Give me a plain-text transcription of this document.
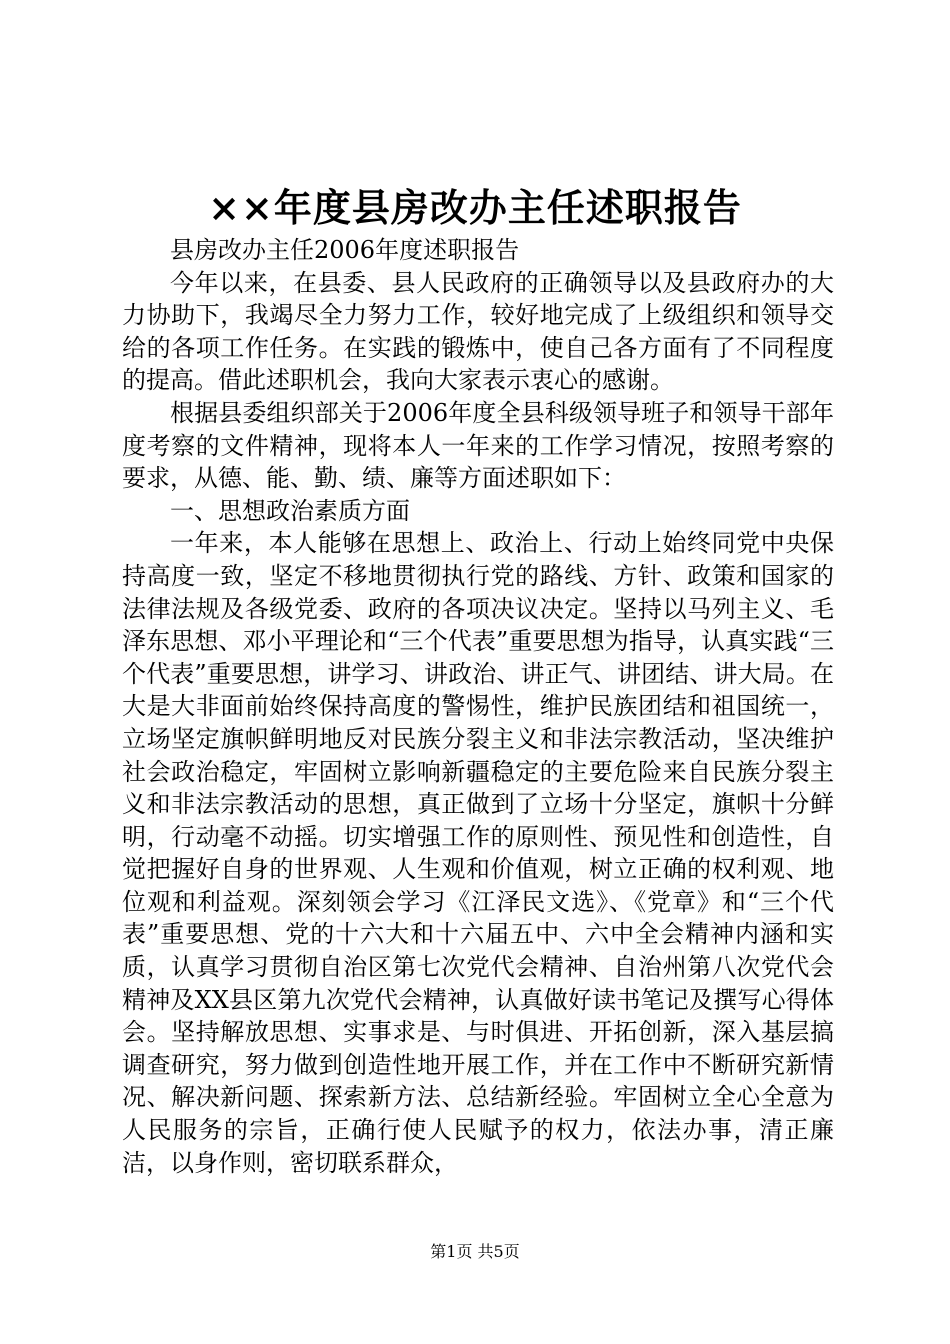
××年度县房改办主任述职报告

县房改办主任2006年度述职报告

今年以来，在县委、县人民政府的正确领导以及县政府办的大力协助下，我竭尽全力努力工作，较好地完成了上级组织和领导交给的各项工作任务。在实践的锻炼中，使自己各方面有了不同程度的提高。借此述职机会，我向大家表示衷心的感谢。

根据县委组织部关于2006年度全县科级领导班子和领导干部年度考察的文件精神，现将本人一年来的工作学习情况，按照考察的要求，从德、能、勤、绩、廉等方面述职如下：

一、思想政治素质方面

一年来，本人能够在思想上、政治上、行动上始终同党中央保持高度一致，坚定不移地贯彻执行党的路线、方针、政策和国家的法律法规及各级党委、政府的各项决议决定。坚持以马列主义、毛泽东思想、邓小平理论和“三个代表”重要思想为指导，认真实践“三个代表”重要思想，讲学习、讲政治、讲正气、讲团结、讲大局。在大是大非面前始终保持高度的警惕性，维护民族团结和祖国统一，立场坚定旗帜鲜明地反对民族分裂主义和非法宗教活动，坚决维护社会政治稳定，牢固树立影响新疆稳定的主要危险来自民族分裂主义和非法宗教活动的思想，真正做到了立场十分坚定，旗帜十分鲜明，行动毫不动摇。切实增强工作的原则性、预见性和创造性，自觉把握好自身的世界观、人生观和价值观，树立正确的权利观、地位观和利益观。深刻领会学习《江泽民文选》、《党章》和“三个代表”重要思想、党的十六大和十六届五中、六中全会精神内涵和实质，认真学习贯彻自治区第七次党代会精神、自治州第八次党代会精神及XX县区第九次党代会精神，认真做好读书笔记及撰写心得体会。坚持解放思想、实事求是、与时俱进、开拓创新，深入基层搞调查研究，努力做到创造性地开展工作，并在工作中不断研究新情况、解决新问题、探索新方法、总结新经验。牢固树立全心全意为人民服务的宗旨，正确行使人民赋予的权力，依法办事，清正廉洁，以身作则，密切联系群众，

第1页 共5页
